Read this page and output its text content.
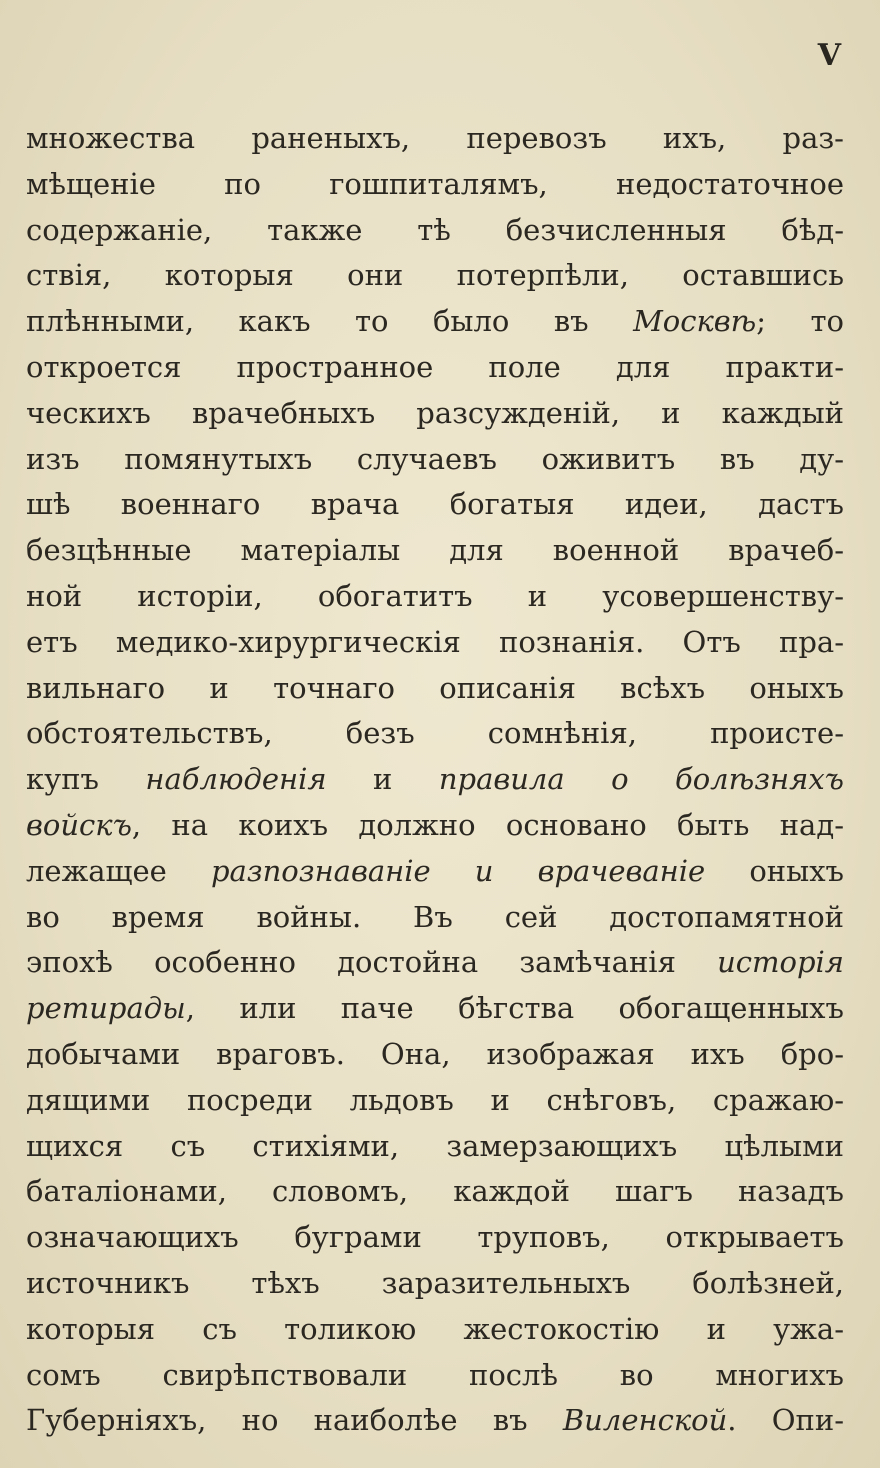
V
множества раненыхъ, перевозъ ихъ, раз-
мѣщеніе по гошпиталямъ, недостаточное
содержаніе, также тѣ безчисленныя бѣд-
ствія, которыя они потерпѣли, оставшись
плѣнными, какъ то было въ Москвѣ; то
откроется пространное поле для практи-
ческихъ врачебныхъ разсужденій, и каждый
изъ помянутыхъ случаевъ оживитъ въ ду-
шѣ военнаго врача богатыя идеи, дастъ
безцѣнные матеріалы для военной врачеб-
ной исторіи, обогатитъ и усовершенству-
етъ медико-хирургическія познанія. Отъ пра-
вильнаго и точнаго описанія всѣхъ оныхъ
обстоятельствъ, безъ сомнѣнія, происте-
купъ наблюденія и правила о болѣзняхъ
войскъ, на коихъ должно основано быть над-
лежащее разпознаваніе и врачеваніе оныхъ
во время войны. Въ сей достопамятной
эпохѣ особенно достойна замѣчанія исторія
ретирады, или паче бѣгства обогащенныхъ
добычами враговъ. Она, изображая ихъ бро-
дящими посреди льдовъ и снѣговъ, сражаю-
щихся съ стихіями, замерзающихъ цѣлыми
баталіонами, словомъ, каждой шагъ назадъ
означающихъ буграми труповъ, открываетъ
источникъ тѣхъ заразительныхъ болѣзней,
которыя съ толикою жестокостію и ужа-
сомъ свирѣпствовали послѣ во многихъ
Губерніяхъ, но наиболѣе въ Виленской. Опи-
